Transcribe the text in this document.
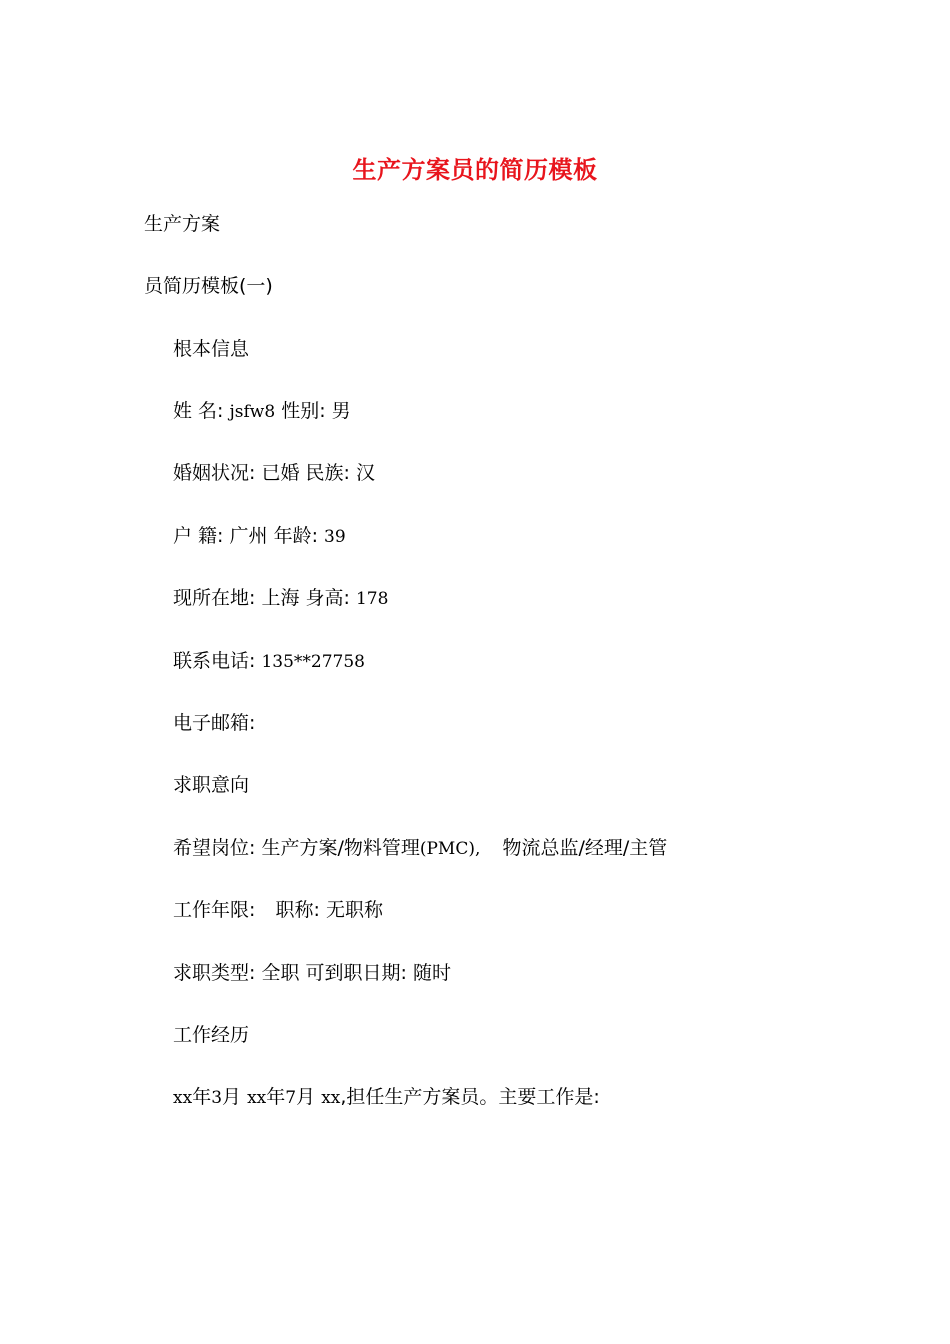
生产方案员的简历模板
生产方案
员简历模板(一)
根本信息
姓 名: jsfw8 性别: 男
婚姻状况: 已婚 民族: 汉
户 籍: 广州 年龄: 39
现所在地: 上海 身高: 178
联系电话: 135**27758
电子邮箱:
求职意向
希望岗位: 生产方案/物料管理(PMC), 物流总监/经理/主管
工作年限: 职称: 无职称
求职类型: 全职 可到职日期: 随时
工作经历
xx年3月 xx年7月 xx,担任生产方案员。主要工作是:
